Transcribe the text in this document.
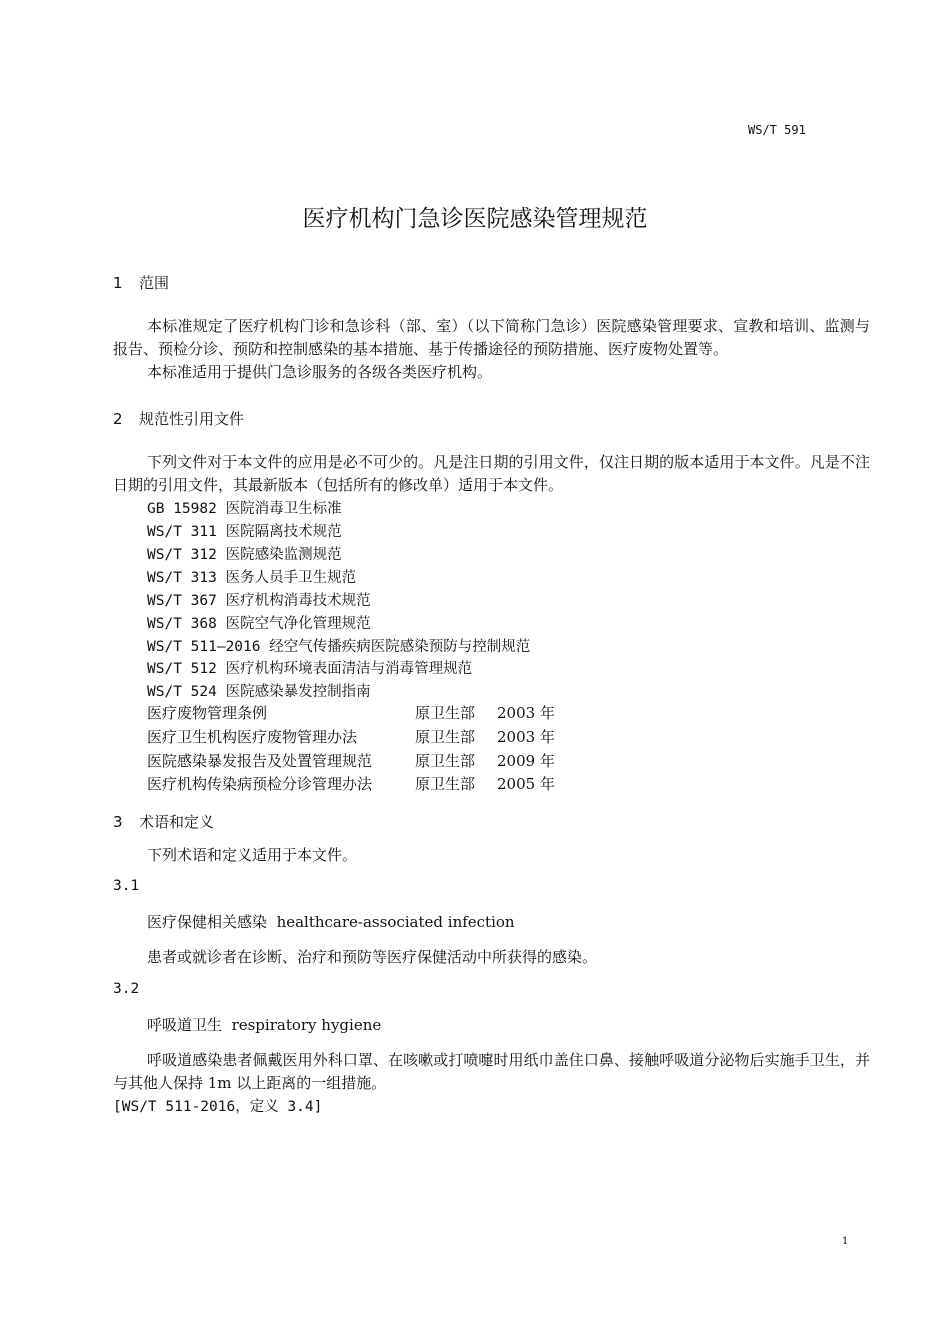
WS/T 591
医疗机构门急诊医院感染管理规范
1 范围
本标准规定了医疗机构门诊和急诊科（部、室）（以下简称门急诊）医院感染管理要求、宣教和培训、监测与报告、预检分诊、预防和控制感染的基本措施、基于传播途径的预防措施、医疗废物处置等。
本标准适用于提供门急诊服务的各级各类医疗机构。
2 规范性引用文件
下列文件对于本文件的应用是必不可少的。凡是注日期的引用文件，仅注日期的版本适用于本文件。凡是不注日期的引用文件，其最新版本（包括所有的修改单）适用于本文件。
GB 15982 医院消毒卫生标准
WS/T 311 医院隔离技术规范
WS/T 312 医院感染监测规范
WS/T 313 医务人员手卫生规范
WS/T 367 医疗机构消毒技术规范
WS/T 368 医院空气净化管理规范
WS/T 511—2016 经空气传播疾病医院感染预防与控制规范
WS/T 512 医疗机构环境表面清洁与消毒管理规范
WS/T 524 医院感染暴发控制指南
医疗废物管理条例	原卫生部 2003 年
医疗卫生机构医疗废物管理办法	原卫生部 2003 年
医院感染暴发报告及处置管理规范	原卫生部 2009 年
医疗机构传染病预检分诊管理办法	原卫生部 2005 年
3 术语和定义
下列术语和定义适用于本文件。
3.1
医疗保健相关感染 healthcare-associated infection
患者或就诊者在诊断、治疗和预防等医疗保健活动中所获得的感染。
3.2
呼吸道卫生 respiratory hygiene
呼吸道感染患者佩戴医用外科口罩、在咳嗽或打喷嚏时用纸巾盖住口鼻、接触呼吸道分泌物后实施手卫生，并与其他人保持 1m 以上距离的一组措施。
[WS/T 511-2016，定义 3.4]
1
